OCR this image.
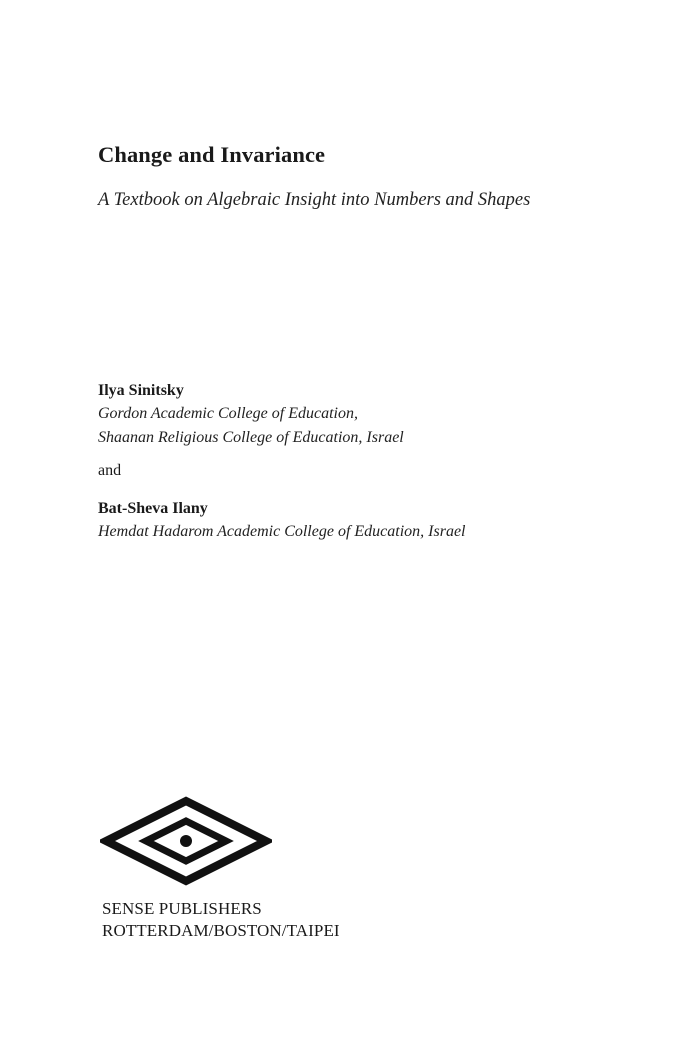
Change and Invariance
A Textbook on Algebraic Insight into Numbers and Shapes
Ilya Sinitsky
Gordon Academic College of Education,
Shaanan Religious College of Education, Israel
and
Bat-Sheva Ilany
Hemdat Hadarom Academic College of Education, Israel
SENSE PUBLISHERS
ROTTERDAM/BOSTON/TAIPEI
